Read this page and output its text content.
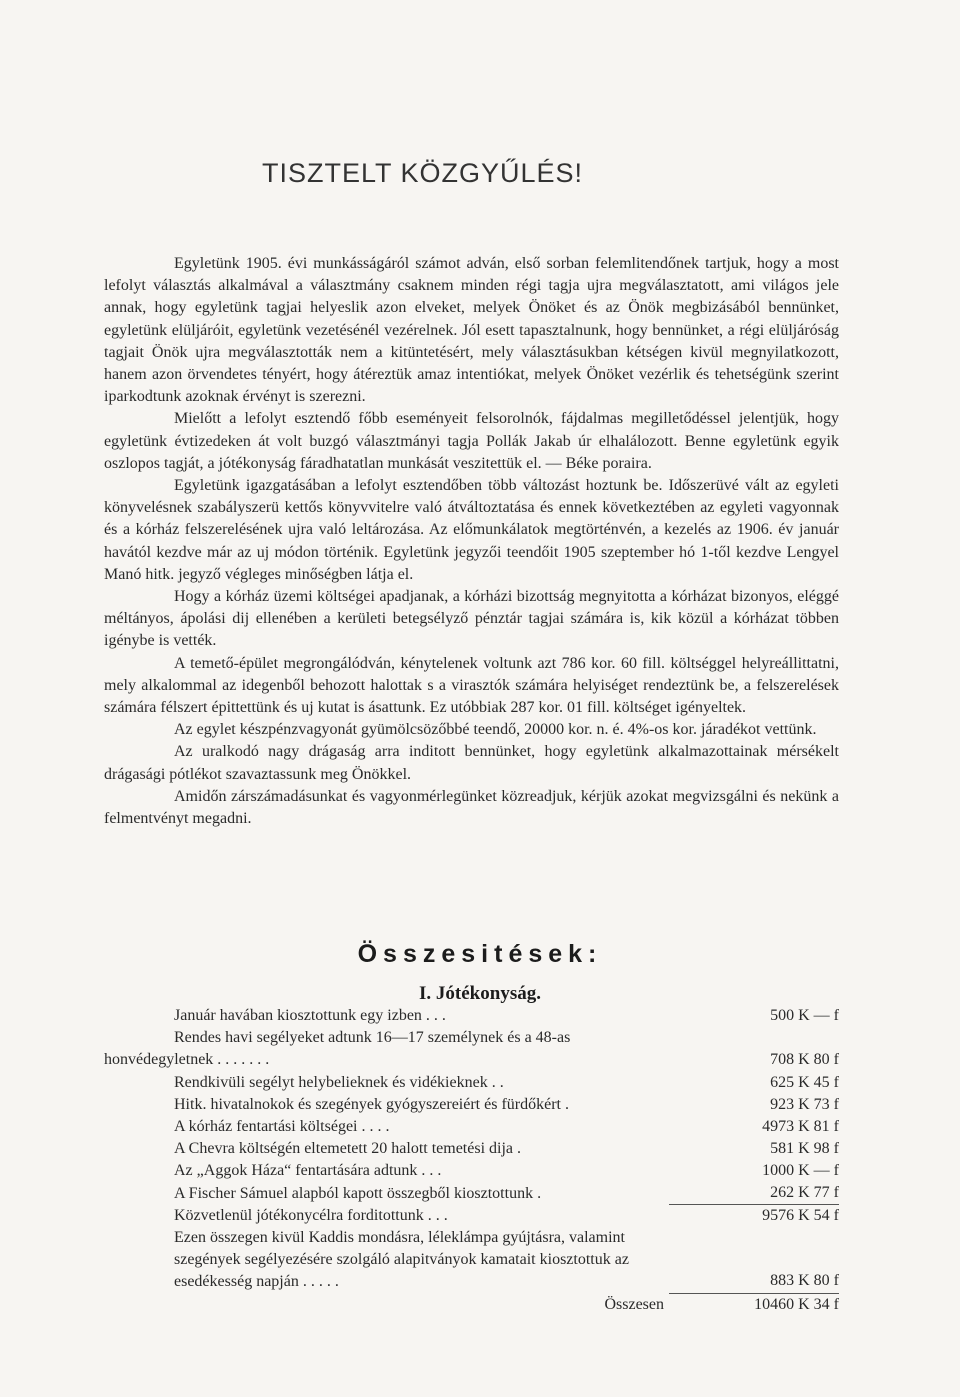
TISZTELT KÖZGYŰLÉS!

Egyletünk 1905. évi munkásságáról számot adván, első sorban felemlitendőnek tartjuk, hogy a most lefolyt választás alkalmával a választmány csaknem minden régi tagja ujra megválasztatott, ami világos jele annak, hogy egyletünk tagjai helyeslik azon elveket, melyek Önöket és az Önök megbizásából bennünket, egyletünk elüljáróit, egyletünk vezetésénél vezérelnek. Jól esett tapasztalnunk, hogy bennünket, a régi elüljáróság tagjait Önök ujra megválasztották nem a kitüntetésért, mely választásukban kétségen kivül megnyilatkozott, hanem azon örvendetes tényért, hogy átéreztük amaz intentiókat, melyek Önöket vezérlik és tehetségünk szerint iparkodtunk azoknak érvényt is szerezni.

Mielőtt a lefolyt esztendő főbb eseményeit felsorolnók, fájdalmas megilletődéssel jelentjük, hogy egyletünk évtizedeken át volt buzgó választmányi tagja Pollák Jakab úr elhalálozott. Benne egyletünk egyik oszlopos tagját, a jótékonyság fáradhatatlan munkását veszitettük el. — Béke poraira.

Egyletünk igazgatásában a lefolyt esztendőben több változást hoztunk be. Időszerüvé vált az egyleti könyvelésnek szabályszerü kettős könyvvitelre való átváltoztatása és ennek következtében az egyleti vagyonnak és a kórház felszerelésének ujra való leltározása. Az előmunkálatok megtörténvén, a kezelés az 1906. év január havától kezdve már az uj módon történik. Egyletünk jegyzői teendőit 1905 szeptember hó 1-től kezdve Lengyel Manó hitk. jegyző végleges minőségben látja el.

Hogy a kórház üzemi költségei apadjanak, a kórházi bizottság megnyitotta a kórházat bizonyos, eléggé méltányos, ápolási dij ellenében a kerületi betegsélyző pénztár tagjai számára is, kik közül a kórházat többen igénybe is vették.

A temető-épület megrongálódván, kénytelenek voltunk azt 786 kor. 60 fill. költséggel helyreállittatni, mely alkalommal az idegenből behozott halottak s a virasztók számára helyiséget rendeztünk be, a felszerelések számára félszert épittettünk és uj kutat is ásattunk. Ez utóbbiak 287 kor. 01 fill. költséget igényeltek.

Az egylet készpénzvagyonát gyümölcsözőbbé teendő, 20000 kor. n. é. 4%-os kor. járadékot vettünk.

Az uralkodó nagy drágaság arra inditott bennünket, hogy egyletünk alkalmazottainak mérsékelt drágasági pótlékot szavaztassunk meg Önökkel.

Amidőn zárszámadásunkat és vagyonmérlegünket közreadjuk, kérjük azokat megvizsgálni és nekünk a felmentvényt megadni.

Összesitések:
I. Jótékonyság.
Január havában kiosztottunk egy izben . . .	500 K — f
Rendes havi segélyeket adtunk 16—17 személynek és a 48-as
honvédegyletnek . . . . . . .	708 K 80 f
Rendkivüli segélyt helybelieknek és vidékieknek . .	625 K 45 f
Hitk. hivatalnokok és szegények gyógyszereiért és fürdőkért .	923 K 73 f
A kórház fentartási költségei . . . .	4973 K 81 f
A Chevra költségén eltemetett 20 halott temetési dija .	581 K 98 f
Az „Aggok Háza“ fentartására adtunk . . .	1000 K — f
A Fischer Sámuel alapból kapott összegből kiosztottunk .	262 K 77 f
Közvetlenül jótékonycélra forditottunk . . .	9576 K 54 f
Ezen összegen kivül Kaddis mondásra, léleklámpa gyújtásra, valamint szegények segélyezésére szolgáló alapitványok kamatait kiosztottuk az esedékesség napján . . . . .	883 K 80 f
Összesen	10460 K 34 f
